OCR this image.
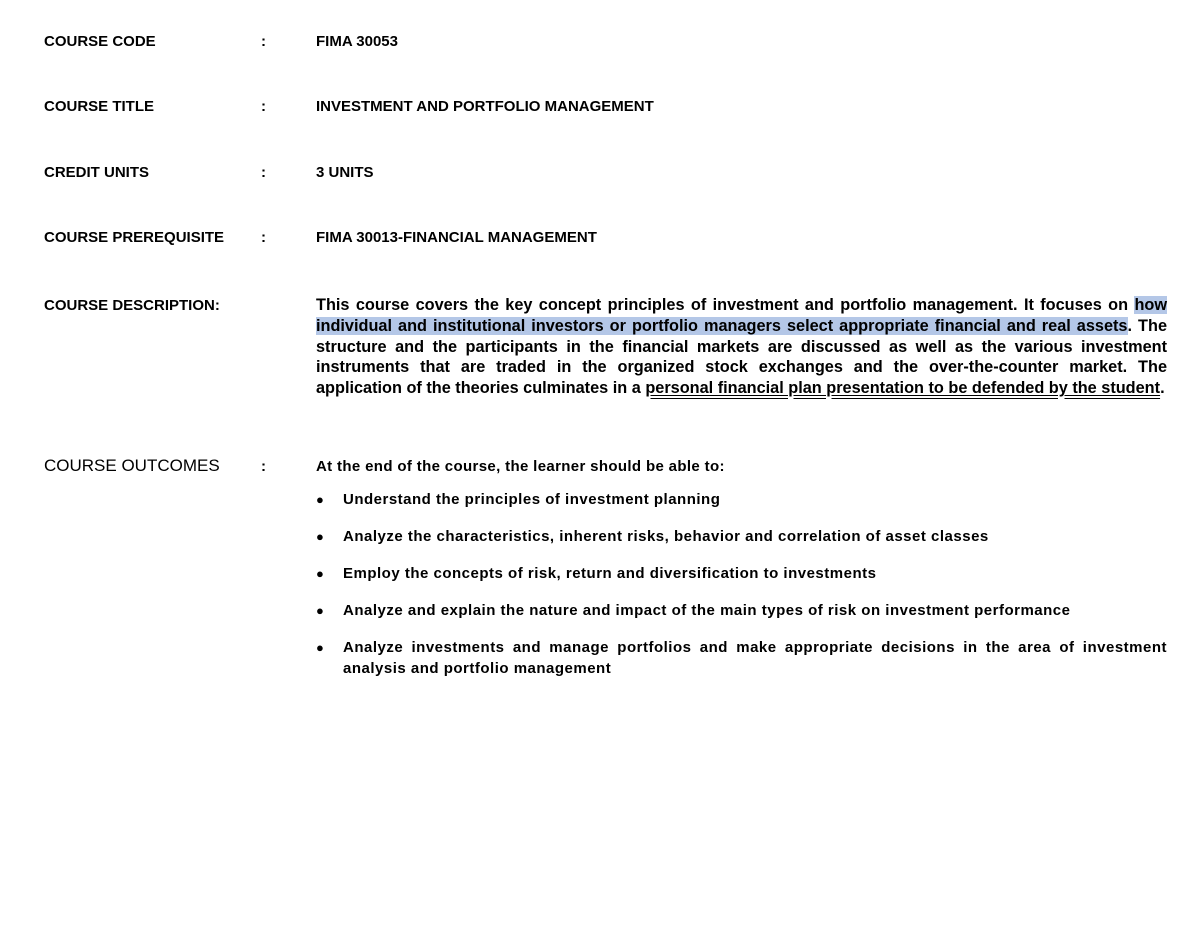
COURSE CODE	:	FIMA 30053
COURSE TITLE	:	INVESTMENT AND PORTFOLIO MANAGEMENT
CREDIT UNITS	:	3 UNITS
COURSE PREREQUISITE :	FIMA 30013-FINANCIAL MANAGEMENT
COURSE DESCRIPTION:	This course covers the key concept principles of investment and portfolio management. It focuses on how individual and institutional investors or portfolio managers select appropriate financial and real assets. The structure and the participants in the financial markets are discussed as well as the various investment instruments that are traded in the organized stock exchanges and the over-the-counter market. The application of the theories culminates in a personal financial plan presentation to be defended by the student.
COURSE OUTCOMES	:	At the end of the course, the learner should be able to:
● Understand the principles of investment planning
● Analyze the characteristics, inherent risks, behavior and correlation of asset classes
● Employ the concepts of risk, return and diversification to investments
● Analyze and explain the nature and impact of the main types of risk on investment performance
● Analyze investments and manage portfolios and make appropriate decisions in the area of investment analysis and portfolio management
